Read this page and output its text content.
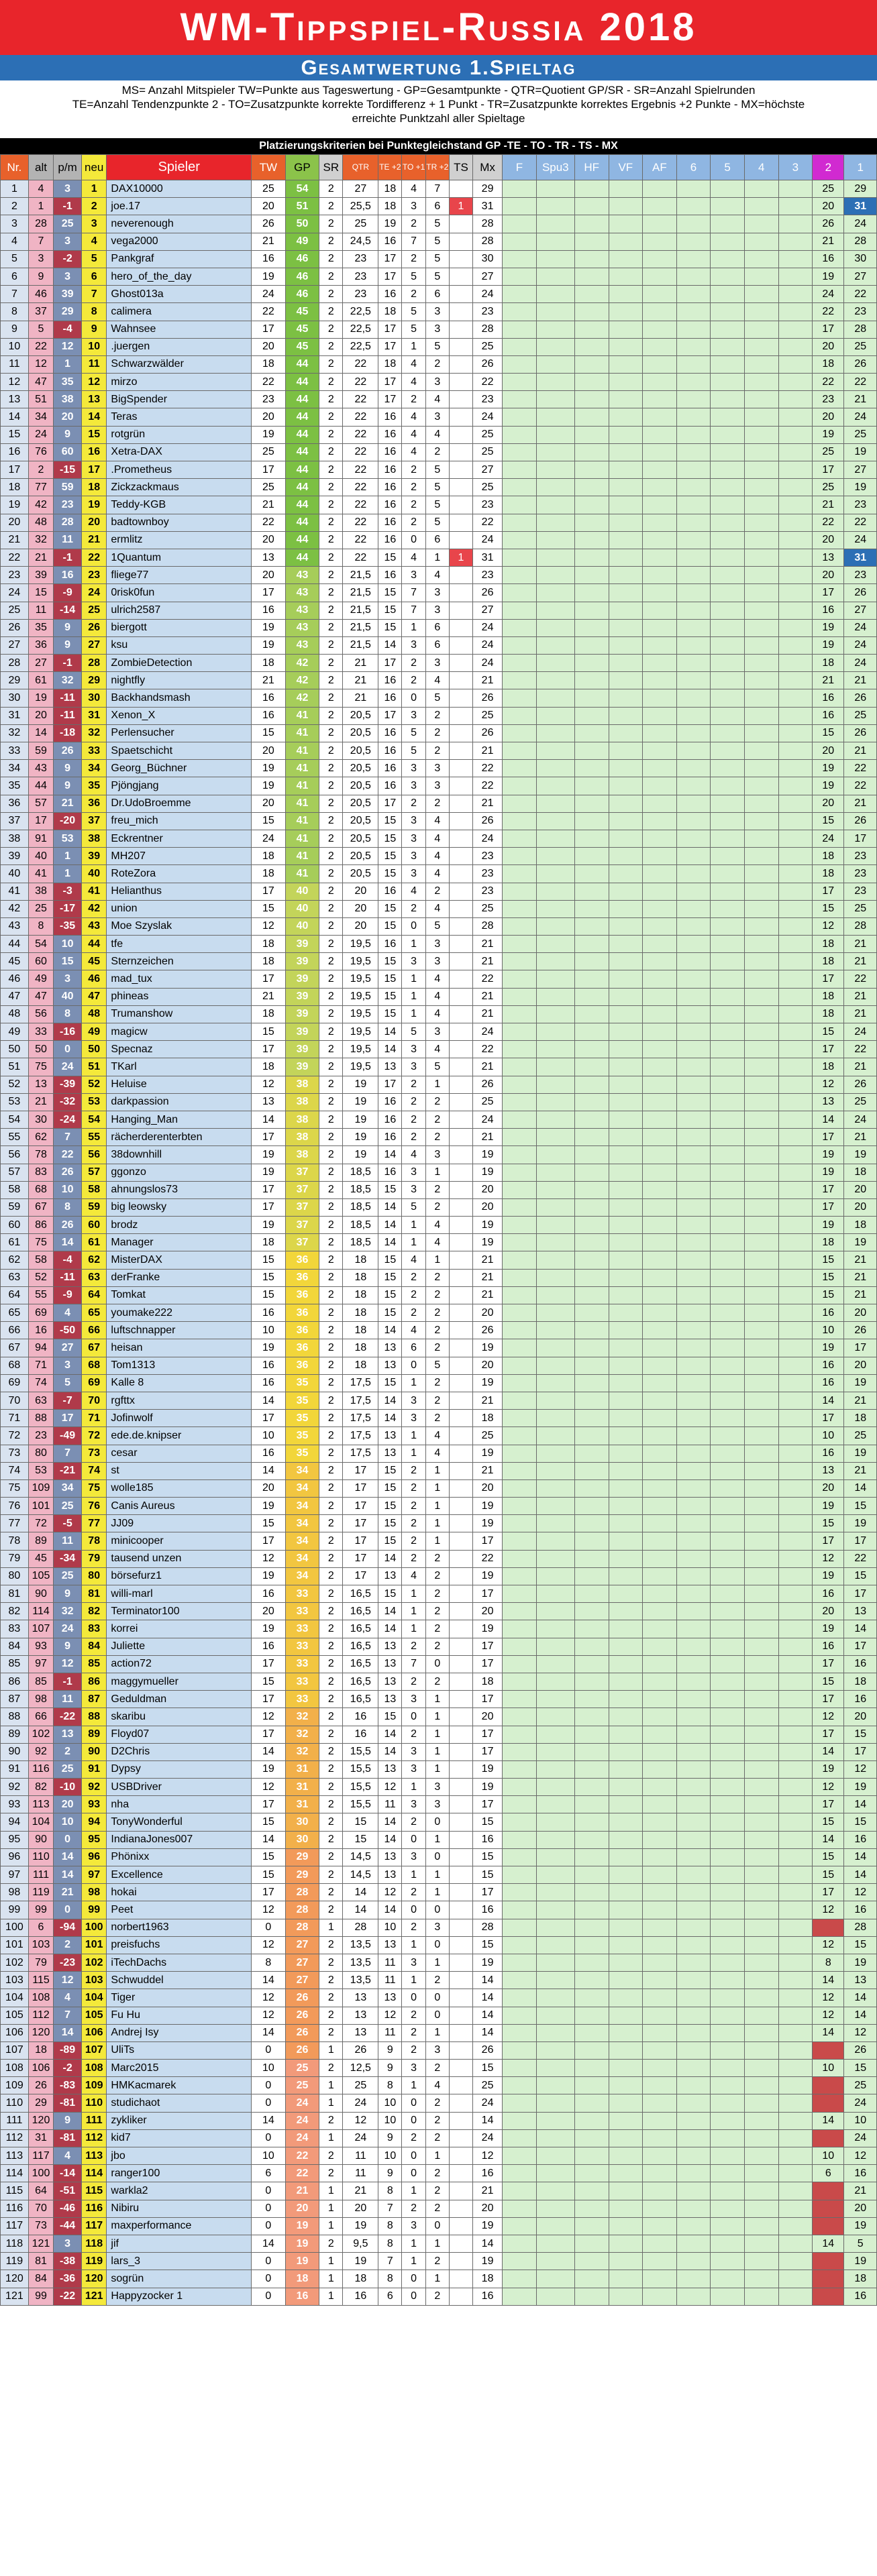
WM-Tippspiel-Russia 2018
Gesamtwertung 1.Spieltag
MS= Anzahl Mitspieler TW=Punkte aus Tageswertung - GP=Gesamtpunkte - QTR=Quotient GP/SR - SR=Anzahl Spielrunden
TE=Anzahl Tendenzpunkte 2 - TO=Zusatzpunkte korrekte Tordifferenz + 1 Punkt - TR=Zusatzpunkte korrektes Ergebnis +2 Punkte - MX=höchste
erreichte Punktzahl aller Spieltage
Platzierungskriterien bei Punktegleichstand GP -TE - TO - TR - TS - MX
Nr.	alt	p/m	neu	Spieler	TW	GP	SR	QTR	TE +2	TO +1	TR +2	TS	Mx	F	Spu3	HF	VF	AF	6	5	4	3	2	1
1	4	3	1	DAX10000	25	54	2	27	18	4	7		29										25	29
2	1	-1	2	joe.17	20	51	2	25,5	18	3	6	1	31										20	31
3	28	25	3	neverenough	26	50	2	25	19	2	5		28										26	24
4	7	3	4	vega2000	21	49	2	24,5	16	7	5		28										21	28
5	3	-2	5	Pankgraf	16	46	2	23	17	2	5		30										16	30
6	9	3	6	hero_of_the_day	19	46	2	23	17	5	5		27										19	27
7	46	39	7	Ghost013a	24	46	2	23	16	2	6		24										24	22
8	37	29	8	calimera	22	45	2	22,5	18	5	3		23										22	23
9	5	-4	9	Wahnsee	17	45	2	22,5	17	5	3		28										17	28
10	22	12	10	.juergen	20	45	2	22,5	17	1	5		25										20	25
11	12	1	11	Schwarzwälder	18	44	2	22	18	4	2		26										18	26
12	47	35	12	mirzo	22	44	2	22	17	4	3		22										22	22
13	51	38	13	BigSpender	23	44	2	22	17	2	4		23										23	21
14	34	20	14	Teras	20	44	2	22	16	4	3		24										20	24
15	24	9	15	rotgrün	19	44	2	22	16	4	4		25										19	25
16	76	60	16	Xetra-DAX	25	44	2	22	16	4	2		25										25	19
17	2	-15	17	.Prometheus	17	44	2	22	16	2	5		27										17	27
18	77	59	18	Zickzackmaus	25	44	2	22	16	2	5		25										25	19
19	42	23	19	Teddy-KGB	21	44	2	22	16	2	5		23										21	23
20	48	28	20	badtownboy	22	44	2	22	16	2	5		22										22	22
21	32	11	21	ermlitz	20	44	2	22	16	0	6		24										20	24
22	21	-1	22	1Quantum	13	44	2	22	15	4	1	1	31										13	31
23	39	16	23	fliege77	20	43	2	21,5	16	3	4		23										20	23
24	15	-9	24	0risk0fun	17	43	2	21,5	15	7	3		26										17	26
25	11	-14	25	ulrich2587	16	43	2	21,5	15	7	3		27										16	27
26	35	9	26	biergott	19	43	2	21,5	15	1	6		24										19	24
27	36	9	27	ksu	19	43	2	21,5	14	3	6		24										19	24
28	27	-1	28	ZombieDetection	18	42	2	21	17	2	3		24										18	24
29	61	32	29	nightfly	21	42	2	21	16	2	4		21										21	21
30	19	-11	30	Backhandsmash	16	42	2	21	16	0	5		26										16	26
31	20	-11	31	Xenon_X	16	41	2	20,5	17	3	2		25										16	25
32	14	-18	32	Perlensucher	15	41	2	20,5	16	5	2		26										15	26
33	59	26	33	Spaetschicht	20	41	2	20,5	16	5	2		21										20	21
34	43	9	34	Georg_Büchner	19	41	2	20,5	16	3	3		22										19	22
35	44	9	35	Pjöngjang	19	41	2	20,5	16	3	3		22										19	22
36	57	21	36	Dr.UdoBroemme	20	41	2	20,5	17	2	2		21										20	21
37	17	-20	37	freu_mich	15	41	2	20,5	15	3	4		26										15	26
38	91	53	38	Eckrentner	24	41	2	20,5	15	3	4		24										24	17
39	40	1	39	MH207	18	41	2	20,5	15	3	4		23										18	23
40	41	1	40	RoteZora	18	41	2	20,5	15	3	4		23										18	23
41	38	-3	41	Helianthus	17	40	2	20	16	4	2		23										17	23
42	25	-17	42	union	15	40	2	20	15	2	4		25										15	25
43	8	-35	43	Moe Szyslak	12	40	2	20	15	0	5		28										12	28
44	54	10	44	tfe	18	39	2	19,5	16	1	3		21										18	21
45	60	15	45	Sternzeichen	18	39	2	19,5	15	3	3		21										18	21
46	49	3	46	mad_tux	17	39	2	19,5	15	1	4		22										17	22
47	47	40	47	phineas	21	39	2	19,5	15	1	4		21										18	21
48	56	8	48	Trumanshow	18	39	2	19,5	15	1	4		21										18	21
49	33	-16	49	magicw	15	39	2	19,5	14	5	3		24										15	24
50	50	0	50	Specnaz	17	39	2	19,5	14	3	4		22										17	22
51	75	24	51	TKarl	18	39	2	19,5	13	3	5		21										18	21
52	13	-39	52	Heluise	12	38	2	19	17	2	1		26										12	26
53	21	-32	53	darkpassion	13	38	2	19	16	2	2		25										13	25
54	30	-24	54	Hanging_Man	14	38	2	19	16	2	2		24										14	24
55	62	7	55	rächerderenterbten	17	38	2	19	16	2	2		21										17	21
56	78	22	56	38downhill	19	38	2	19	14	4	3		19										19	19
57	83	26	57	ggonzo	19	37	2	18,5	16	3	1		19										19	18
58	68	10	58	ahnungslos73	17	37	2	18,5	15	3	2		20										17	20
59	67	8	59	big leowsky	17	37	2	18,5	14	5	2		20										17	20
60	86	26	60	brodz	19	37	2	18,5	14	1	4		19										19	18
61	75	14	61	Manager	18	37	2	18,5	14	1	4		19										18	19
62	58	-4	62	MisterDAX	15	36	2	18	15	4	1		21										15	21
63	52	-11	63	derFranke	15	36	2	18	15	2	2		21										15	21
64	55	-9	64	Tomkat	15	36	2	18	15	2	2		21										15	21
65	69	4	65	youmake222	16	36	2	18	15	2	2		20										16	20
66	16	-50	66	luftschnapper	10	36	2	18	14	4	2		26										10	26
67	94	27	67	heisan	19	36	2	18	13	6	2		19										19	17
68	71	3	68	Tom1313	16	36	2	18	13	0	5		20										16	20
69	74	5	69	Kalle 8	16	35	2	17,5	15	1	2		19										16	19
70	63	-7	70	rgfttx	14	35	2	17,5	14	3	2		21										14	21
71	88	17	71	Jofinwolf	17	35	2	17,5	14	3	2		18										17	18
72	23	-49	72	ede.de.knipser	10	35	2	17,5	13	1	4		25										10	25
73	80	7	73	cesar	16	35	2	17,5	13	1	4		19										16	19
74	53	-21	74	st	14	34	2	17	15	2	1		21										13	21
75	109	34	75	wolle185	20	34	2	17	15	2	1		20										20	14
76	101	25	76	Canis Aureus	19	34	2	17	15	2	1		19										19	15
77	72	-5	77	JJ09	15	34	2	17	15	2	1		19										15	19
78	89	11	78	minicooper	17	34	2	17	15	2	1		17										17	17
79	45	-34	79	tausend unzen	12	34	2	17	14	2	2		22										12	22
80	105	25	80	börsefurz1	19	34	2	17	13	4	2		19										19	15
81	90	9	81	willi-marl	16	33	2	16,5	15	1	2		17										16	17
82	114	32	82	Terminator100	20	33	2	16,5	14	1	2		20										20	13
83	107	24	83	korrei	19	33	2	16,5	14	1	2		19										19	14
84	93	9	84	Juliette	16	33	2	16,5	13	2	2		17										16	17
85	97	12	85	action72	17	33	2	16,5	13	7	0		17										17	16
86	85	-1	86	maggymueller	15	33	2	16,5	13	2	2		18										15	18
87	98	11	87	Geduldman	17	33	2	16,5	13	3	1		17										17	16
88	66	-22	88	skaribu	12	32	2	16	15	0	1		20										12	20
89	102	13	89	Floyd07	17	32	2	16	14	2	1		17										17	15
90	92	2	90	D2Chris	14	32	2	15,5	14	3	1		17										14	17
91	116	25	91	Dypsy	19	31	2	15,5	13	3	1		19										19	12
92	82	-10	92	USBDriver	12	31	2	15,5	12	1	3		19										12	19
93	113	20	93	nha	17	31	2	15,5	11	3	3		17										17	14
94	104	10	94	TonyWonderful	15	30	2	15	14	2	0		15										15	15
95	90	0	95	IndianaJones007	14	30	2	15	14	0	1		16										14	16
96	110	14	96	Phönixx	15	29	2	14,5	13	3	0		15										15	14
97	111	14	97	Excellence	15	29	2	14,5	13	1	1		15										15	14
98	119	21	98	hokai	17	28	2	14	12	2	1		17										17	12
99	99	0	99	Peet	12	28	2	14	14	0	0		16										12	16
100	6	-94	100	norbert1963	0	28	1	28	10	2	3		28											28
101	103	2	101	preisfuchs	12	27	2	13,5	13	1	0		15										12	15
102	79	-23	102	iTechDachs	8	27	2	13,5	11	3	1		19										8	19
103	115	12	103	Schwuddel	14	27	2	13,5	11	1	2		14										14	13
104	108	4	104	Tiger	12	26	2	13	13	0	0		14										12	14
105	112	7	105	Fu Hu	12	26	2	13	12	2	0		14										12	14
106	120	14	106	Andrej Isy	14	26	2	13	11	2	1		14										14	12
107	18	-89	107	UliTs	0	26	1	26	9	2	3		26											26
108	106	-2	108	Marc2015	10	25	2	12,5	9	3	2		15										10	15
109	26	-83	109	HMKacmarek	0	25	1	25	8	1	4		25											25
110	29	-81	110	studichaot	0	24	1	24	10	0	2		24											24
111	120	9	111	zykliker	14	24	2	12	10	0	2		14										14	10
112	31	-81	112	kid7	0	24	1	24	9	2	2		24											24
113	117	4	113	jbo	10	22	2	11	10	0	1		12										10	12
114	100	-14	114	ranger100	6	22	2	11	9	0	2		16										6	16
115	64	-51	115	warkla2	0	21	1	21	8	1	2		21											21
116	70	-46	116	Nibiru	0	20	1	20	7	2	2		20											20
117	73	-44	117	maxperformance	0	19	1	19	8	3	0		19											19
118	121	3	118	jif	14	19	2	9,5	8	1	1		14										14	5
119	81	-38	119	lars_3	0	19	1	19	7	1	2		19											19
120	84	-36	120	sogrün	0	18	1	18	8	0	1		18											18
121	99	-22	121	Happyzocker 1	0	16	1	16	6	0	2		16											16
